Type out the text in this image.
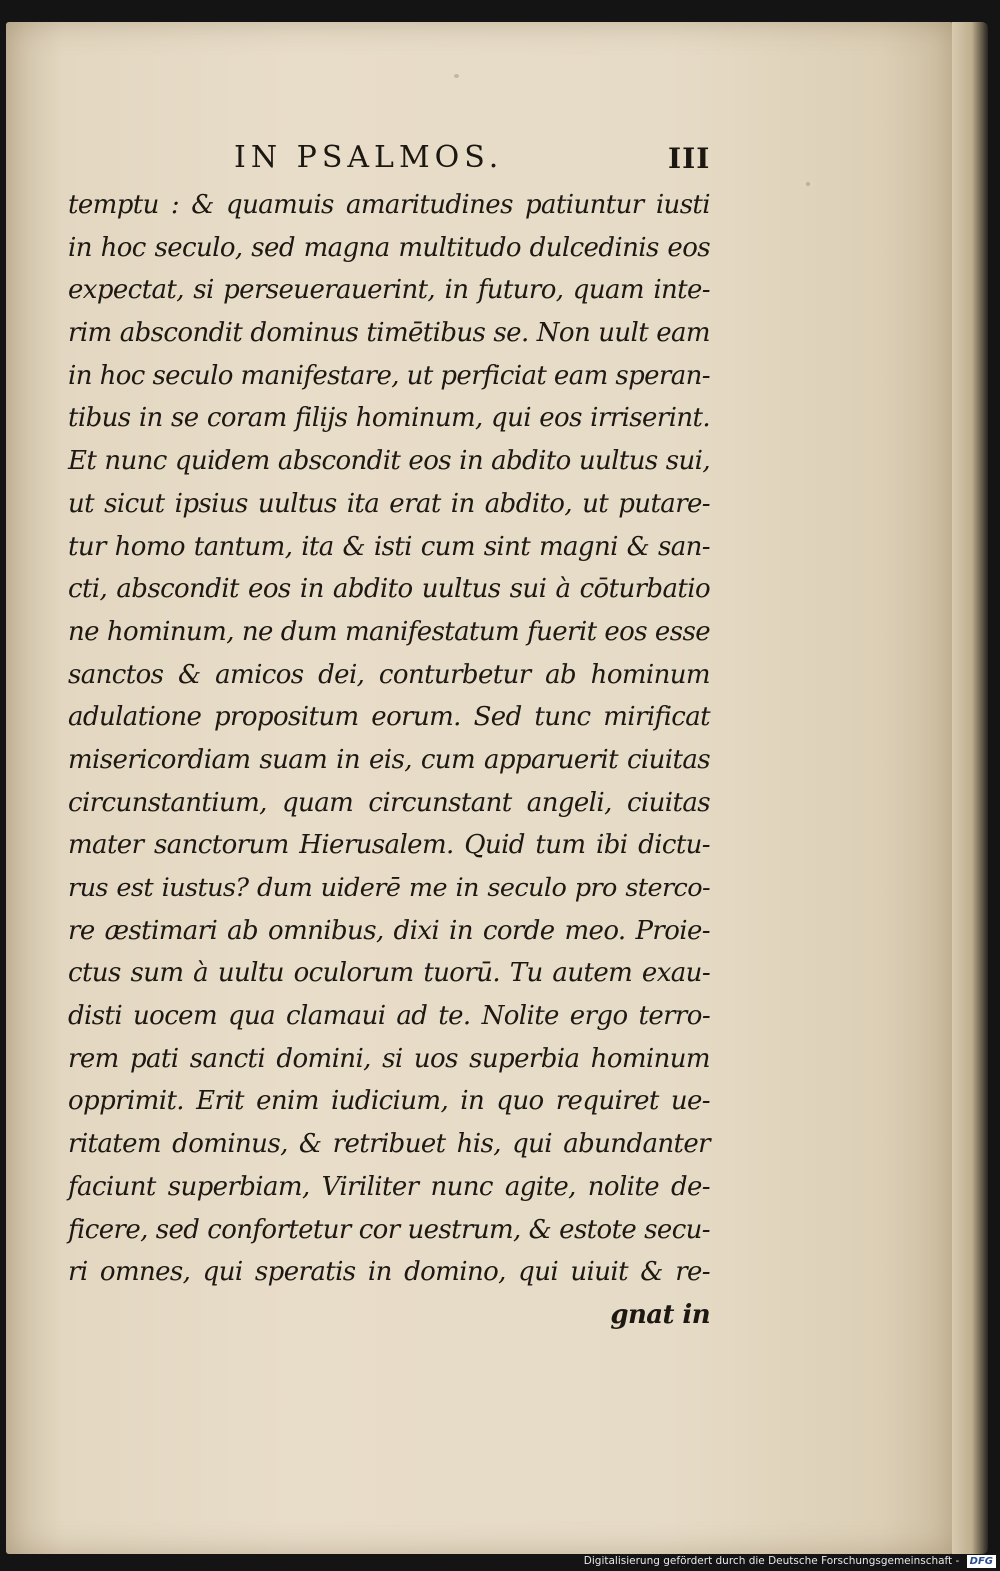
IN PSALMOS.	III
temptu : & quamuis amaritudines patiuntur iusti
in hoc seculo, sed magna multitudo dulcedinis eos
expectat, si perseuerauerint, in futuro, quam inte-
rim abscondit dominus timētibus se. Non uult eam
in hoc seculo manifestare, ut perficiat eam speran-
tibus in se coram filijs hominum, qui eos irriserint.
Et nunc quidem abscondit eos in abdito uultus sui,
ut sicut ipsius uultus ita erat in abdito, ut putare-
tur homo tantum, ita & isti cum sint magni & san-
cti, abscondit eos in abdito uultus sui à cōturbatio
ne hominum, ne dum manifestatum fuerit eos esse
sanctos & amicos dei, conturbetur ab hominum
adulatione propositum eorum. Sed tunc mirificat
misericordiam suam in eis, cum apparuerit ciuitas
circunstantium, quam circunstant angeli, ciuitas
mater sanctorum Hierusalem. Quid tum ibi dictu-
rus est iustus? dum uiderē me in seculo pro sterco-
re æstimari ab omnibus, dixi in corde meo. Proie-
ctus sum à uultu oculorum tuorū. Tu autem exau-
disti uocem qua clamaui ad te. Nolite ergo terro-
rem pati sancti domini, si uos superbia hominum
opprimit. Erit enim iudicium, in quo requiret ue-
ritatem dominus, & retribuet his, qui abundanter
faciunt superbiam, Viriliter nunc agite, nolite de-
ficere, sed confortetur cor uestrum, & estote secu-
ri omnes, qui speratis in domino, qui uiuit & re-
gnat in
Digitalisierung gefördert durch die Deutsche Forschungsgemeinschaft - DFG
